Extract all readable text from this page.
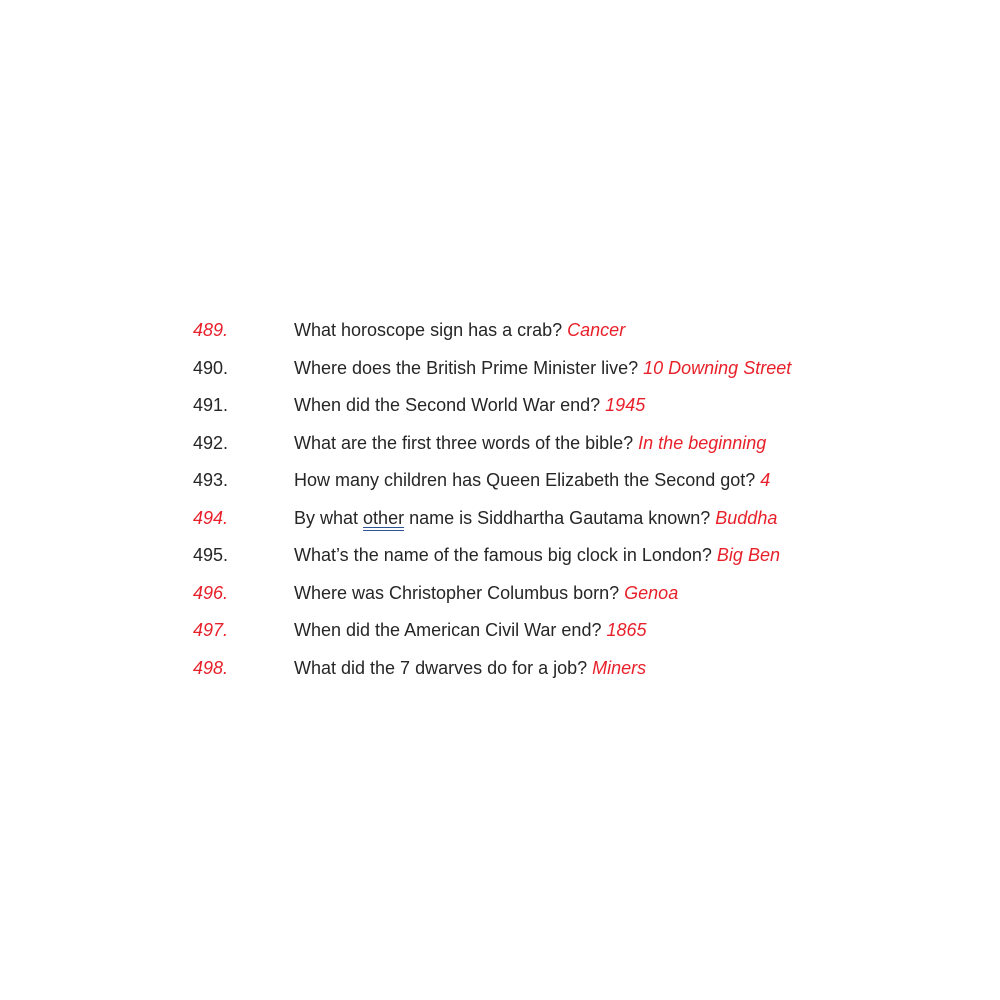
489.	What horoscope sign has a crab? Cancer
490.	Where does the British Prime Minister live? 10 Downing Street
491.	When did the Second World War end? 1945
492.	What are the first three words of the bible? In the beginning
493.	How many children has Queen Elizabeth the Second got? 4
494.	By what other name is Siddhartha Gautama known? Buddha
495.	What’s the name of the famous big clock in London? Big Ben
496.	Where was Christopher Columbus born? Genoa
497.	When did the American Civil War end? 1865
498.	What did the 7 dwarves do for a job? Miners
